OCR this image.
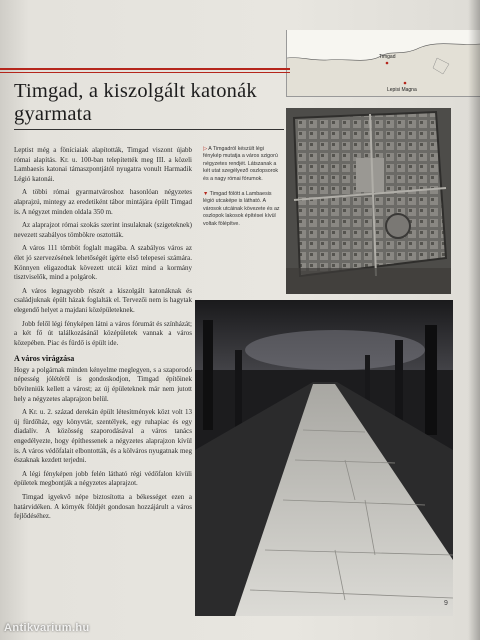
Timgad
Lepisi Magna
Timgad, a kiszolgált katonák gyarmata

Leptist még a föníciaiak alapították, Timgad viszont újabb római alapítás. Kr. u. 100-ban telepítették meg III. a közeli Lambaesis katonai támaszpontjától nyugatra vonult Harmadik Légió katonái.

A többi római gyarmatvároshoz hasonlóan négyzetes alaprajzú, mintegy az eredetiként tábor mintájára épült Timgad is. A négyzet minden oldala 350 m.

Az alaprajzot római szokás szerint insulaknak (szigeteknek) nevezett szabályos tömbökre osztották.

A város 111 tömböt foglalt magába. A szabályos város az élet jó szervezésének lehetőségét ígérte első telepesei számára. Könnyen eligazodtak kövezett utcái közt mind a kormány tisztviselők, mind a polgárok.

A város legnagyobb részét a kiszolgált katonáknak és családjuknak épült házak foglalták el. Tervezői nem is hagytak elegendő helyet a majdani középületeknek.

Jobb felől légi fényképen látni a város fórumát és színházát; a két fő út találkozásánál középületek vannak a város közepében. Piac és fürdő is épült ide.

A város virágzása

Hogy a polgárnak minden kényelme meglegyen, s a szaporodó népesség jólétéről is gondoskodjon, Timgad építőinek bővíteniük kellett a várost; az új épületeknek már nem jutott hely a négyzetes alaprajzon belül.

A Kr. u. 2. század derekán épült létesítmények közt volt 13 új fürdőház, egy könyvtár, szentélyek, egy ruhapiac és egy diadalív. A közösség szaporodásával a város tanács engedélyezte, hogy építhessenek a négyzetes alaprajzon kívül is. A város védőfalait elbontották, és a kölváros nyugatnak meg északnak kezdett terjedni.

A légi fényképen jobb felén látható régi védőfalon kívüli épületek megbontják a négyzetes alaprajzot.

Timgad igyekvő népe biztosította a békességet ezen a határvidéken. A környék földjét gondosan hozzájárult a város fejlődéséhez.

▷ A Timgadról készült légi fénykép mutatja a város szigorú négyzetes rendjét. Látszanak a két utat szegélyező oszlopsorok és a nagy római fórumok.

▼ Timgad fölött a Lambaesis légió utcaképe is látható. A városok utcáinak kövezete és az oszlopok lakosok építései kívül voltak fölépítve.

9
Antikvarium.hu
